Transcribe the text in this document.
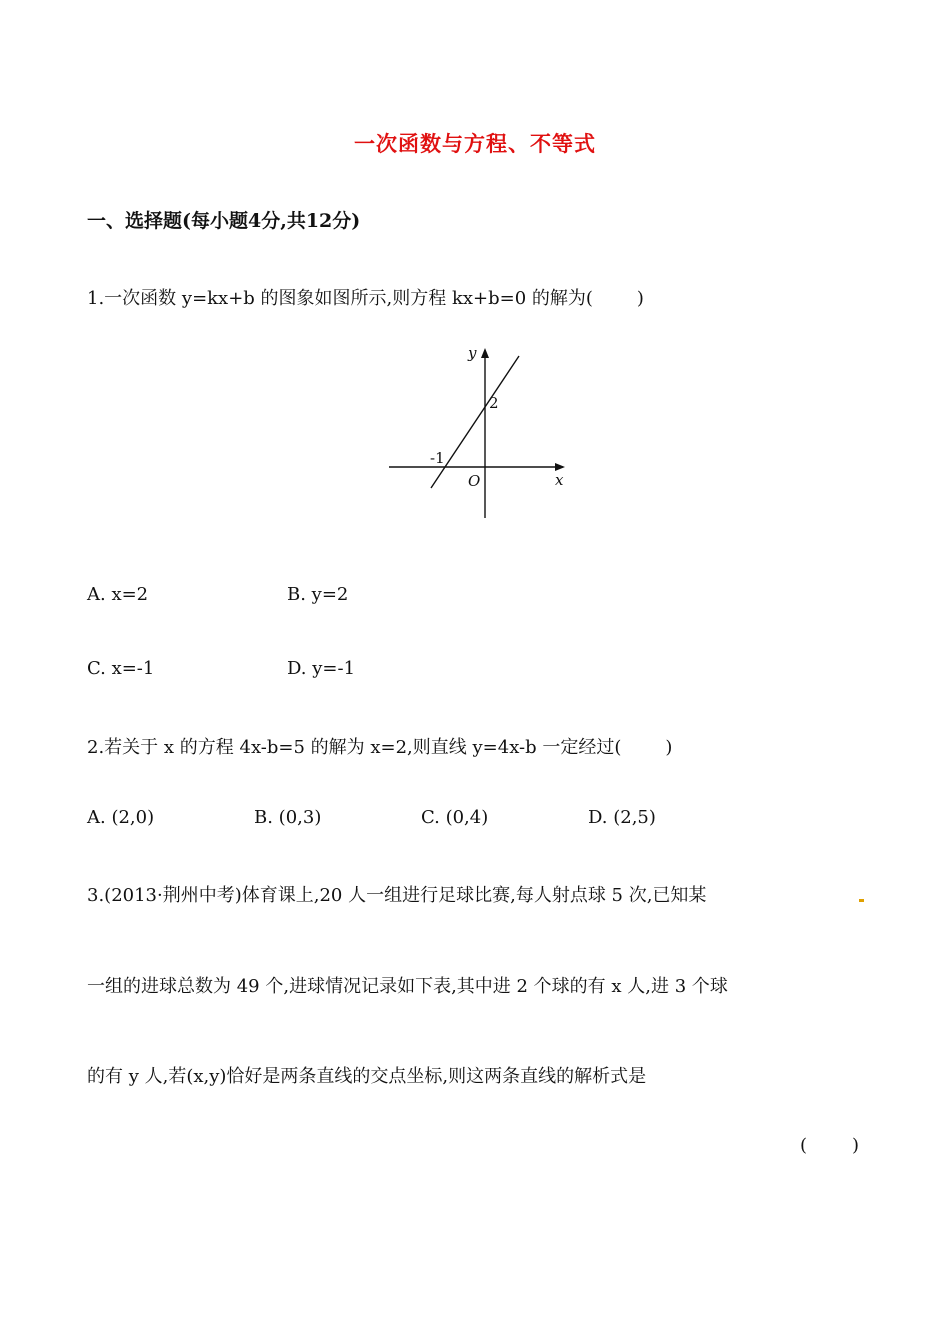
一次函数与方程、不等式
一、选择题(每小题4分,共12分)
1.一次函数 y=kx+b 的图象如图所示,则方程 kx+b=0 的解为( )
y
x
O
2
-1
A. x=2	B. y=2
C. x=-1	D. y=-1
2.若关于 x 的方程 4x-b=5 的解为 x=2,则直线 y=4x-b 一定经过( )
A. (2,0)	B. (0,3)	C. (0,4)	D. (2,5)
3.(2013·荆州中考)体育课上,20 人一组进行足球比赛,每人射点球 5 次,已知某
一组的进球总数为 49 个,进球情况记录如下表,其中进 2 个球的有 x 人,进 3 个球
的有 y 人,若(x,y)恰好是两条直线的交点坐标,则这两条直线的解析式是
( )
